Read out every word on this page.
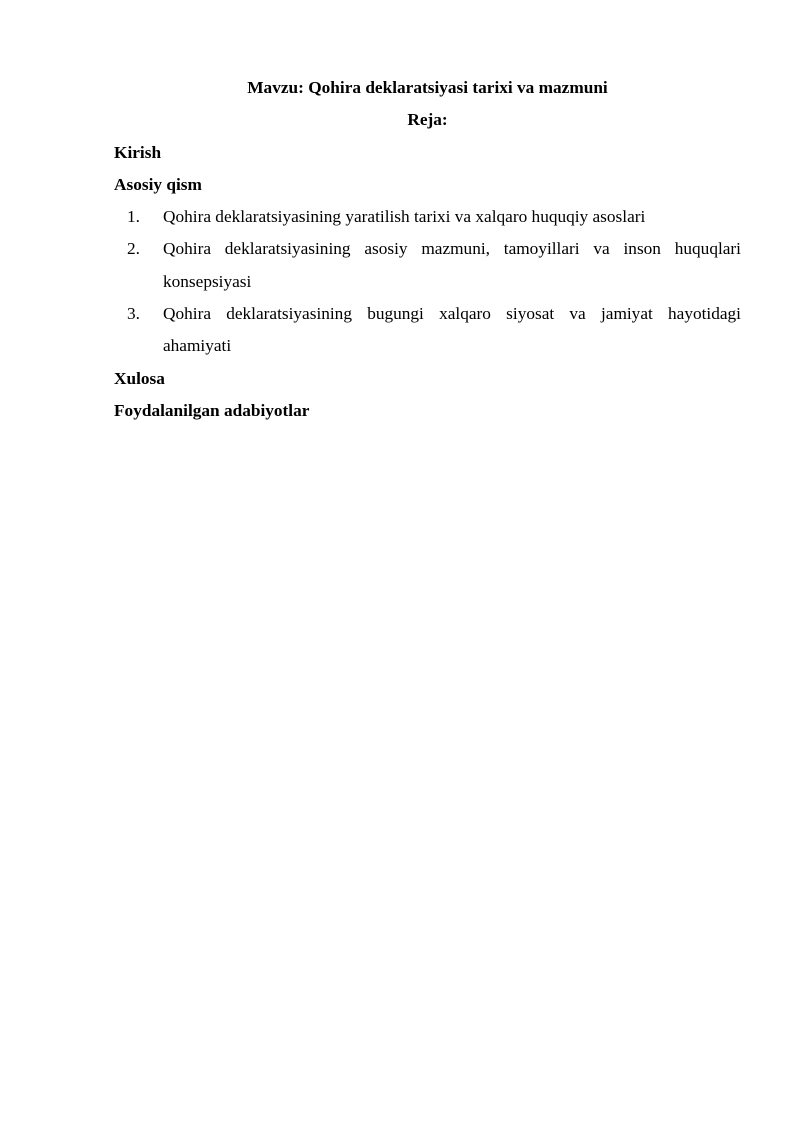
Mavzu: Qohira deklaratsiyasi tarixi va mazmuni
Reja:
Kirish
Asosiy qism
1. Qohira deklaratsiyasining yaratilish tarixi va xalqaro huquqiy asoslari
2. Qohira deklaratsiyasining asosiy mazmuni, tamoyillari va inson huquqlari
konsepsiyasi
3. Qohira deklaratsiyasining bugungi xalqaro siyosat va jamiyat hayotidagi
ahamiyati
Xulosa
Foydalanilgan adabiyotlar
